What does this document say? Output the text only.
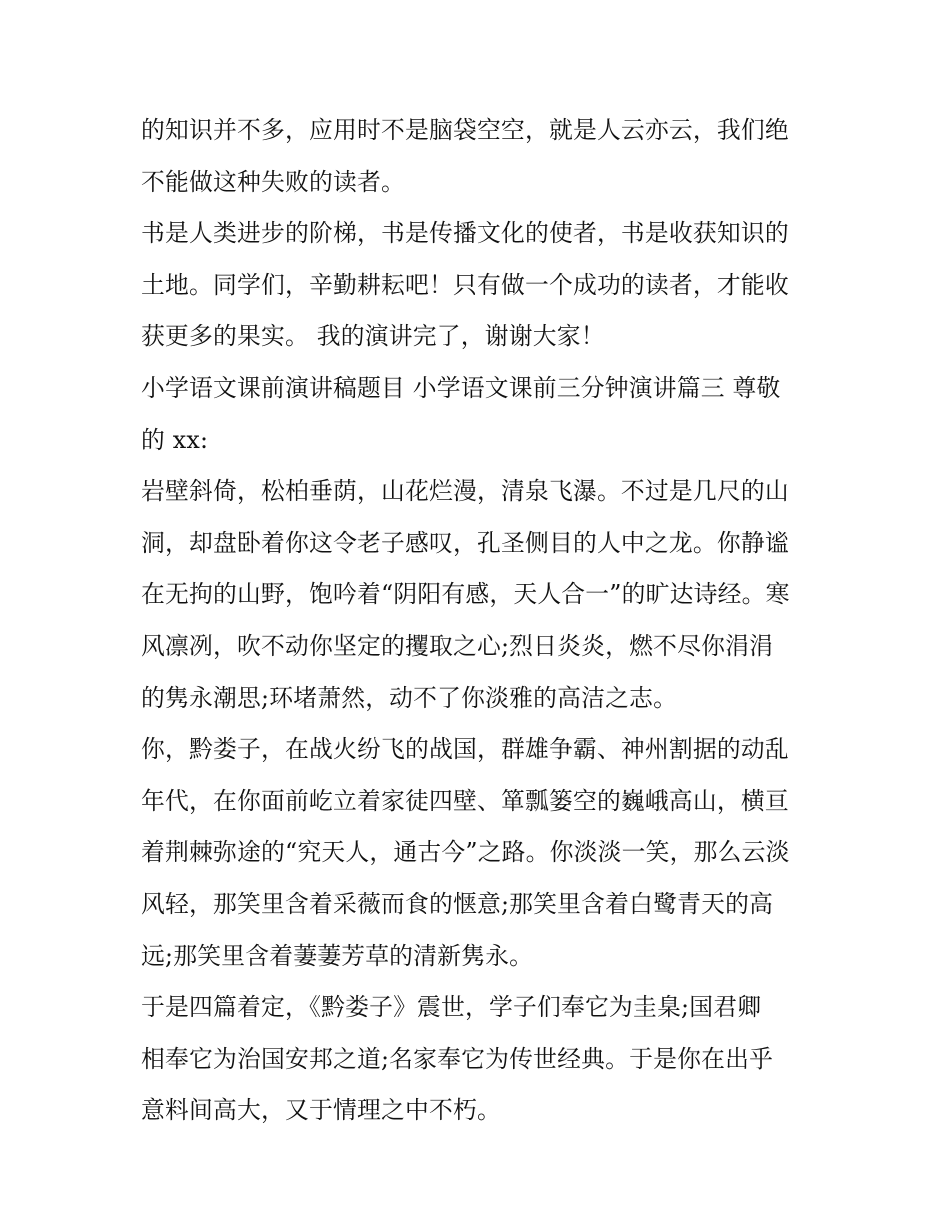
的知识并不多，应用时不是脑袋空空，就是人云亦云，我们绝
不能做这种失败的读者。
书是人类进步的阶梯，书是传播文化的使者，书是收获知识的
土地。同学们，辛勤耕耘吧！只有做一个成功的读者，才能收
获更多的果实。 我的演讲完了，谢谢大家！
小学语文课前演讲稿题目 小学语文课前三分钟演讲篇三 尊敬
的 xx:
岩壁斜倚，松柏垂荫，山花烂漫，清泉飞瀑。不过是几尺的山
洞，却盘卧着你这令老子感叹，孔圣侧目的人中之龙。你静谧
在无拘的山野，饱吟着“阴阳有感，天人合一”的旷达诗经。寒
风凛冽，吹不动你坚定的攫取之心;烈日炎炎，燃不尽你涓涓
的隽永潮思;环堵萧然，动不了你淡雅的高洁之志。
你，黔娄子，在战火纷飞的战国，群雄争霸、神州割据的动乱
年代，在你面前屹立着家徒四壁、箪瓢篓空的巍峨高山，横亘
着荆棘弥途的“究天人，通古今”之路。你淡淡一笑，那么云淡
风轻，那笑里含着采薇而食的惬意;那笑里含着白鹭青天的高
远;那笑里含着萋萋芳草的清新隽永。
于是四篇着定，《黔娄子》震世，学子们奉它为圭臬;国君卿
相奉它为治国安邦之道;名家奉它为传世经典。于是你在出乎
意料间高大，又于情理之中不朽。
